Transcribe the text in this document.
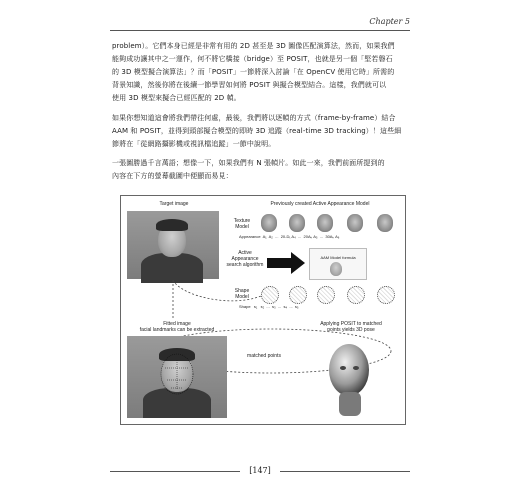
Chapter 5
problem）。它們本身已經是非常有用的 2D 甚至是 3D 圖像匹配演算法，然而，如果我們
能夠成功讓其中之一運作，何不將它橋接（bridge）至 POSIT，也就是另一個「堅若磐石
的 3D 模型擬合演算法」？而「POSIT」一節將深入討論「在 OpenCV 使用它時」所需的
背景知識，然後你將在後續一節學習如何將 POSIT 與擬合模型結合。這樣，我們就可以
使用 3D 模型來擬合已經匹配的 2D 幀。
如果你想知道這會將我們帶往何處，最後，我們將以逐幀的方式（frame-by-frame）結合
AAM 和 POSIT，並得到頭部擬合模型的即時 3D 追蹤（real-time 3D tracking）！這些細
節將在「從網路攝影機或視訊檔追蹤」一節中說明。
一張圖勝過千言萬語；想像一下，如果我們有 N 張幀片。如此一來，我們前面所提到的
內容在下方的螢幕截圖中便顯而易見：
Target image	Previously created Active Appearance Model
Texture
Model
Appearance A₁ A₂ ... 20-Dₜ A₄ ... 20Aₖ A₅ ... 30Aₖ A₆
Active
Appearance
search algorithm
AAM Model formula
Shape
Model
Shape s₁ s₂ ... s₃ ... s₄ ... s₅
Fitted image
facial landmarks can be extracted
matched points
Applying POSIT to matched
points yields 3D pose
[ 147 ]
